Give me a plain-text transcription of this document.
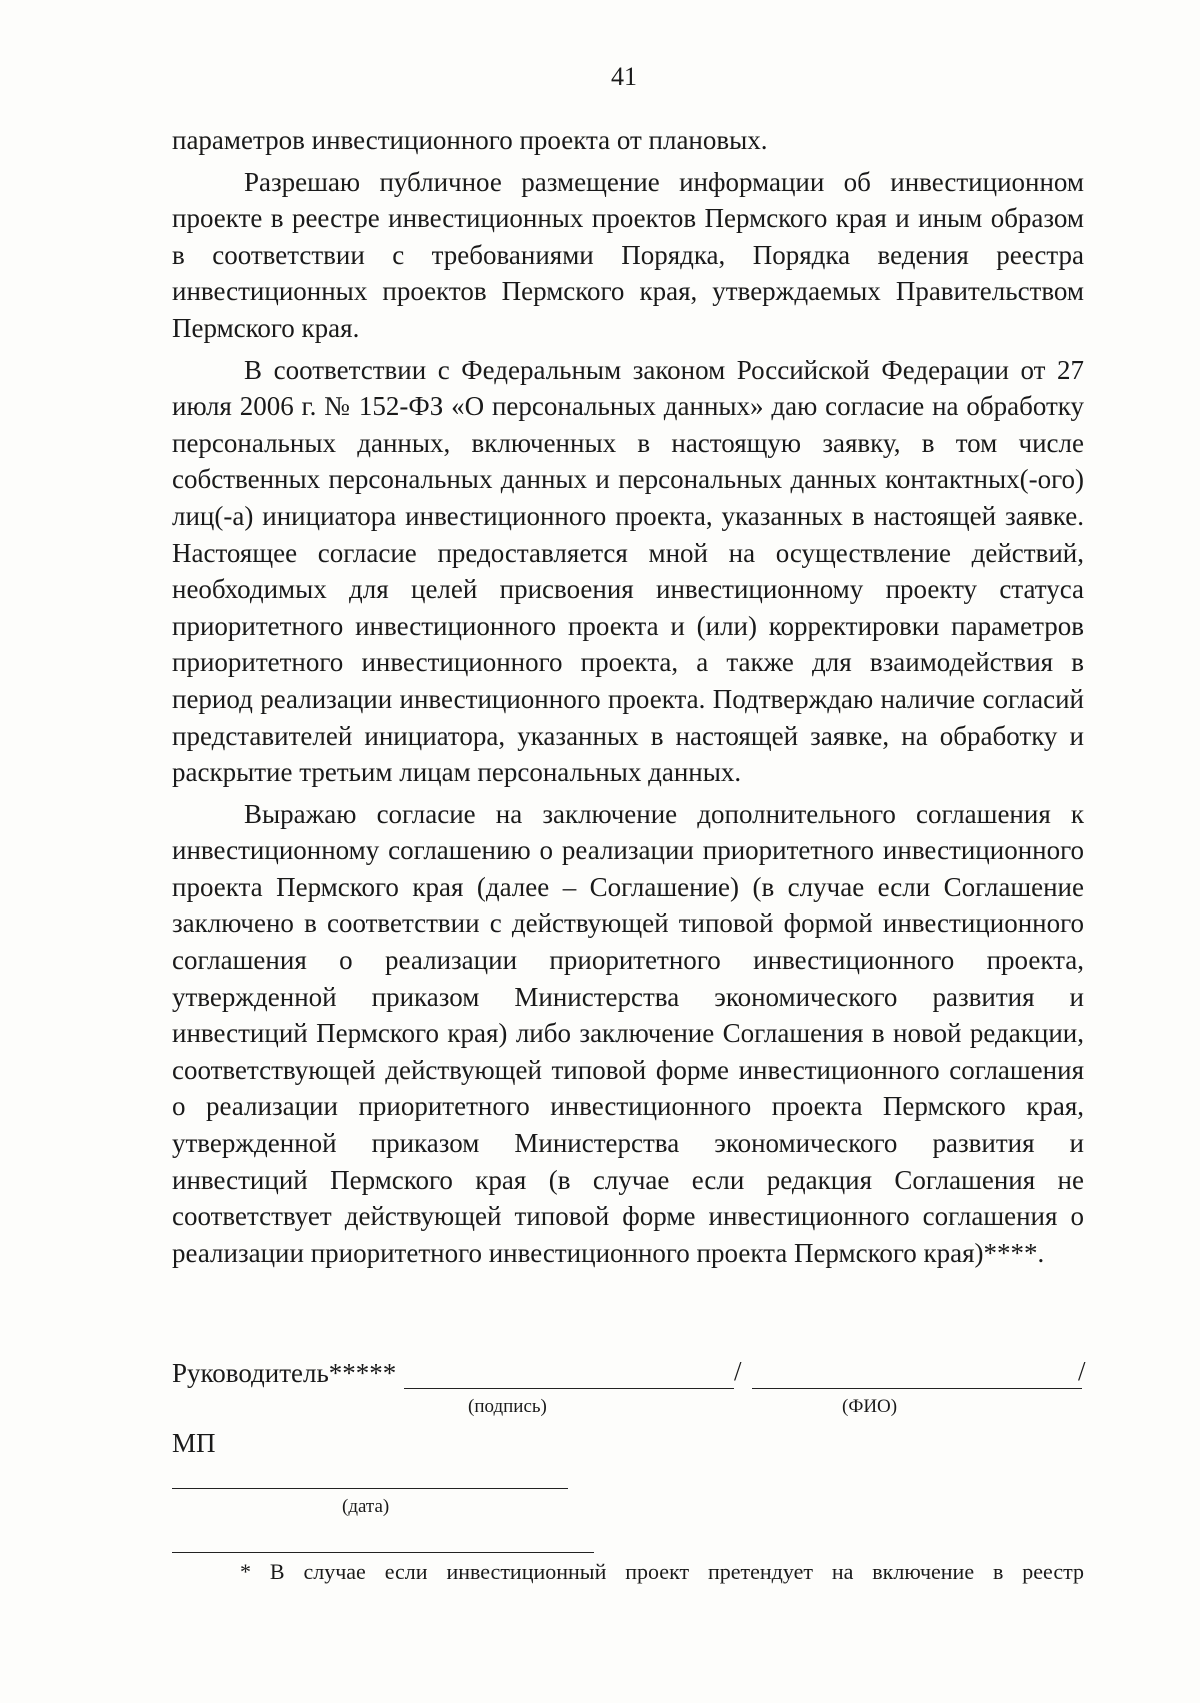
41

параметров инвестиционного проекта от плановых.

Разрешаю публичное размещение информации об инвестиционном проекте в реестре инвестиционных проектов Пермского края и иным образом в соответствии с требованиями Порядка, Порядка ведения реестра инвестиционных проектов Пермского края, утверждаемых Правительством Пермского края.

В соответствии с Федеральным законом Российской Федерации от 27 июля 2006 г. № 152-ФЗ «О персональных данных» даю согласие на обработку персональных данных, включенных в настоящую заявку, в том числе собственных персональных данных и персональных данных контактных(-ого) лиц(-а) инициатора инвестиционного проекта, указанных в настоящей заявке. Настоящее согласие предоставляется мной на осуществление действий, необходимых для целей присвоения инвестиционному проекту статуса приоритетного инвестиционного проекта и (или) корректировки параметров приоритетного инвестиционного проекта, а также для взаимодействия в период реализации инвестиционного проекта. Подтверждаю наличие согласий представителей инициатора, указанных в настоящей заявке, на обработку и раскрытие третьим лицам персональных данных.

Выражаю согласие на заключение дополнительного соглашения к инвестиционному соглашению о реализации приоритетного инвестиционного проекта Пермского края (далее – Соглашение) (в случае если Соглашение заключено в соответствии с действующей типовой формой инвестиционного соглашения о реализации приоритетного инвестиционного проекта, утвержденной приказом Министерства экономического развития и инвестиций Пермского края) либо заключение Соглашения в новой редакции, соответствующей действующей типовой форме инвестиционного соглашения о реализации приоритетного инвестиционного проекта Пермского края, утвержденной приказом Министерства экономического развития и инвестиций Пермского края (в случае если редакция Соглашения не соответствует действующей типовой форме инвестиционного соглашения о реализации приоритетного инвестиционного проекта Пермского края)****.

Руководитель*****	/	/
(подпись)	(ФИО)
МП
(дата)
* В случае если инвестиционный проект претендует на включение в реестр
